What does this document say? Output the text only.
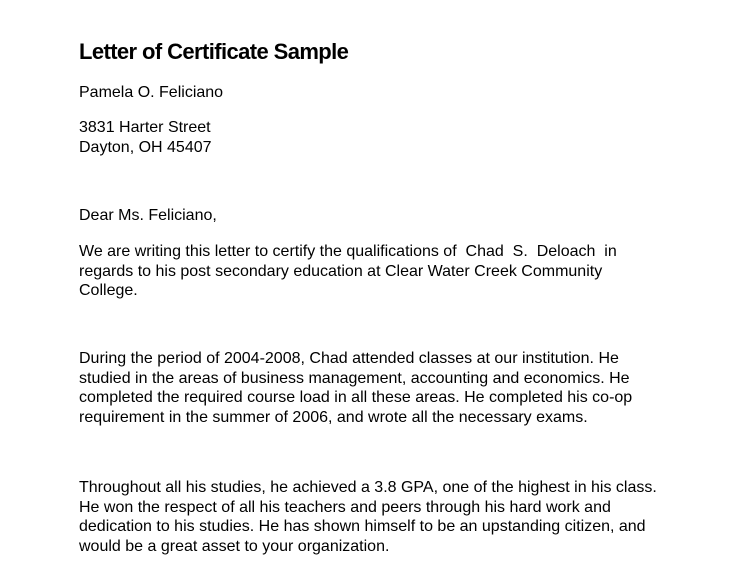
Letter of Certificate Sample
Pamela O. Feliciano
3831 Harter Street
Dayton, OH 45407
Dear Ms. Feliciano,
We are writing this letter to certify the qualifications of  Chad  S.  Deloach  in
regards to his post secondary education at Clear Water Creek Community
College.
During the period of 2004-2008, Chad attended classes at our institution. He
studied in the areas of business management, accounting and economics. He
completed the required course load in all these areas. He completed his co-op
requirement in the summer of 2006, and wrote all the necessary exams.
Throughout all his studies, he achieved a 3.8 GPA, one of the highest in his class.
He won the respect of all his teachers and peers through his hard work and
dedication to his studies. He has shown himself to be an upstanding citizen, and
would be a great asset to your organization.
